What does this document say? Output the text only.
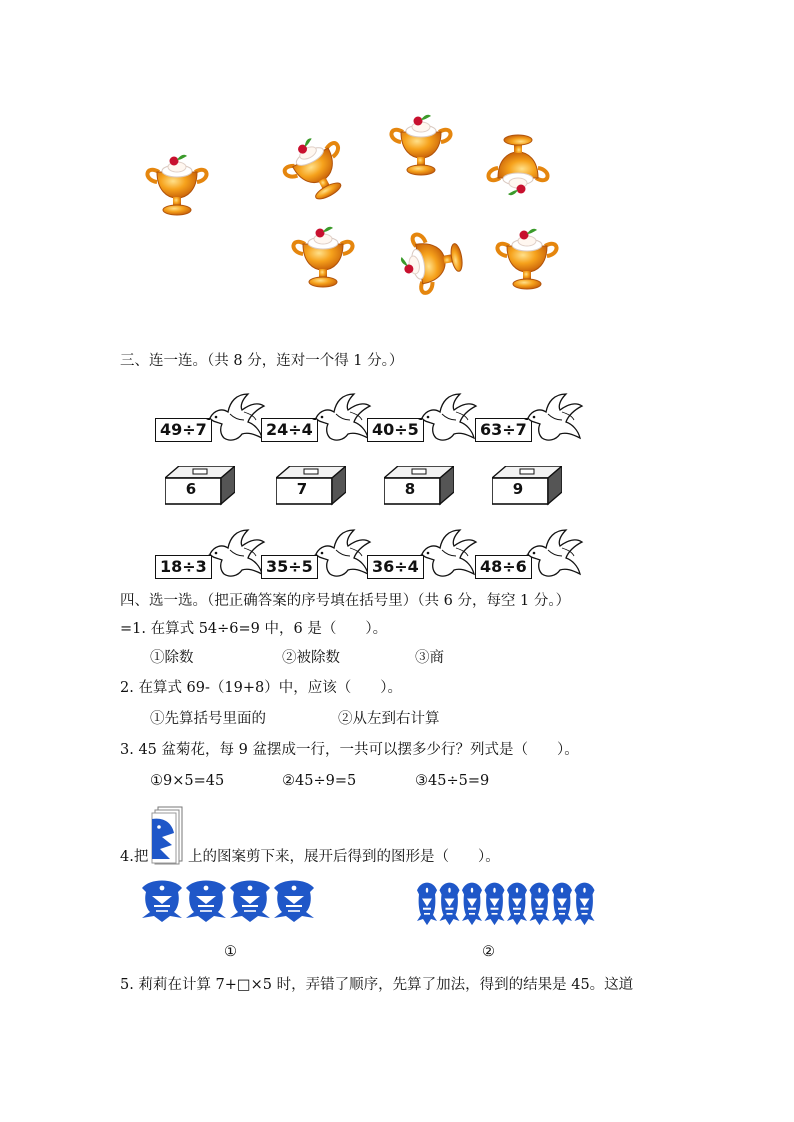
三、连一连。（共 8 分，连对一个得 1 分。）
49÷7	24÷4	40÷5	63÷7
6	7	8	9
18÷3	35÷5	36÷4	48÷6
四、选一选。（把正确答案的序号填在括号里）（共 6 分，每空 1 分。）
=1. 在算式 54÷6=9 中，6 是（　　）。
①除数	②被除数	③商
2. 在算式 69-（19+8）中，应该（　　）。
①先算括号里面的	②从左到右计算
3. 45 盆菊花，每 9 盆摆成一行，一共可以摆多少行？列式是（　　）。
①9×5=45	②45÷9=5	③45÷5=9
4.把	上的图案剪下来，展开后得到的图形是（　　）。
①	②
5. 莉莉在计算 7+□×5 时，弄错了顺序，先算了加法，得到的结果是 45。这道
